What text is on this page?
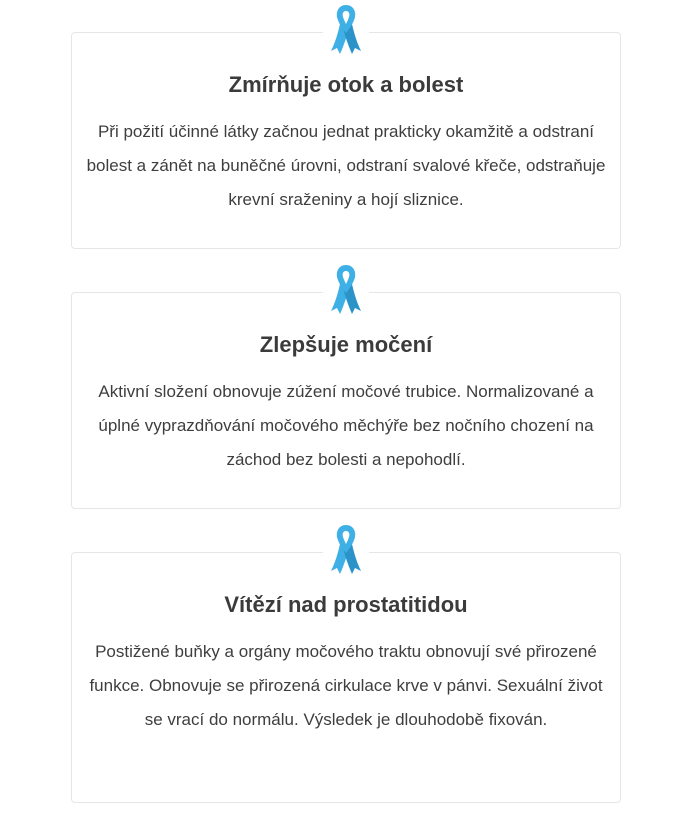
Zmírňuje otok a bolest

Při požití účinné látky začnou jednat prakticky okamžitě a odstraní bolest a zánět na buněčné úrovni, odstraní svalové křeče, odstraňuje krevní sraženiny a hojí sliznice.

Zlepšuje močení

Aktivní složení obnovuje zúžení močové trubice. Normalizované a úplné vyprazdňování močového měchýře bez nočního chození na záchod bez bolesti a nepohodlí.

Vítězí nad prostatitidou

Postižené buňky a orgány močového traktu obnovují své přirozené funkce. Obnovuje se přirozená cirkulace krve v pánvi. Sexuální život se vrací do normálu. Výsledek je dlouhodobě fixován.
